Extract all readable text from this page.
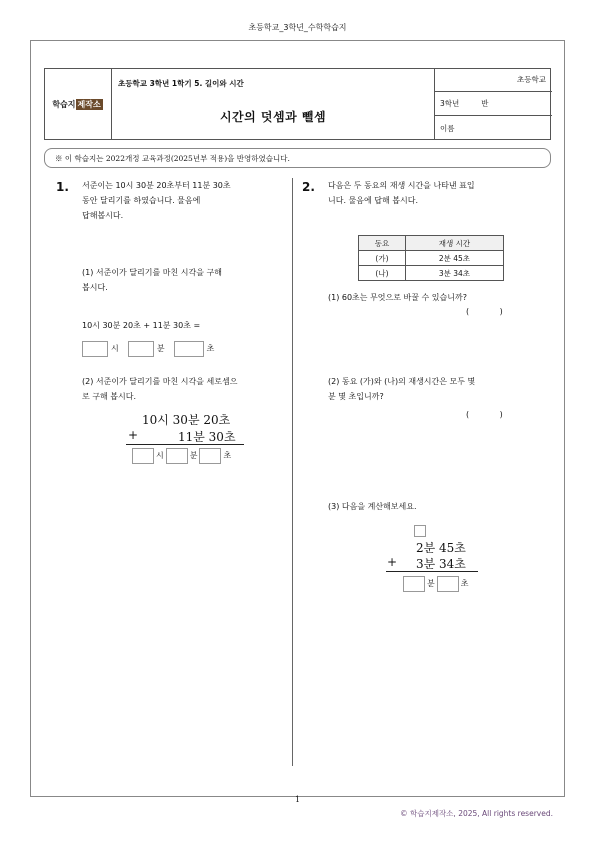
초등학교_3학년_수학학습지
학습지 제작소
초등학교 3학년 1학기 5. 길이와 시간
시간의 덧셈과 뺄셈
초등학교
3학년	반
이름
※ 이 학습지는 2022개정 교육과정(2025년부 적용)을 반영하였습니다.
1. 서준이는 10시 30분 20초부터 11분 30초
동안 달리기를 하였습니다. 물음에
답해봅시다.
(1) 서준이가 달리기를 마친 시각을 구해
봅시다.
10시 30분 20초 + 11분 30초 =
시	분	초
(2) 서준이가 달리기를 마친 시각을 세로셈으
로 구해 봅시다.
10시 30분 20초
+	11분 30초
시	분	초
2. 다음은 두 동요의 재생 시간을 나타낸 표입
니다. 물음에 답해 봅시다.
동요	재생 시간
(가)	2분 45초
(나)	3분 34초
(1) 60초는 무엇으로 바꿀 수 있습니까?
(            )
(2) 동요 (가)와 (나)의 재생시간은 모두 몇
분 몇 초입니까?
(            )
(3) 다음을 계산해보세요.
2분 45초
+ 3분 34초
분	초
1
© 학습지제작소, 2025, All rights reserved.
